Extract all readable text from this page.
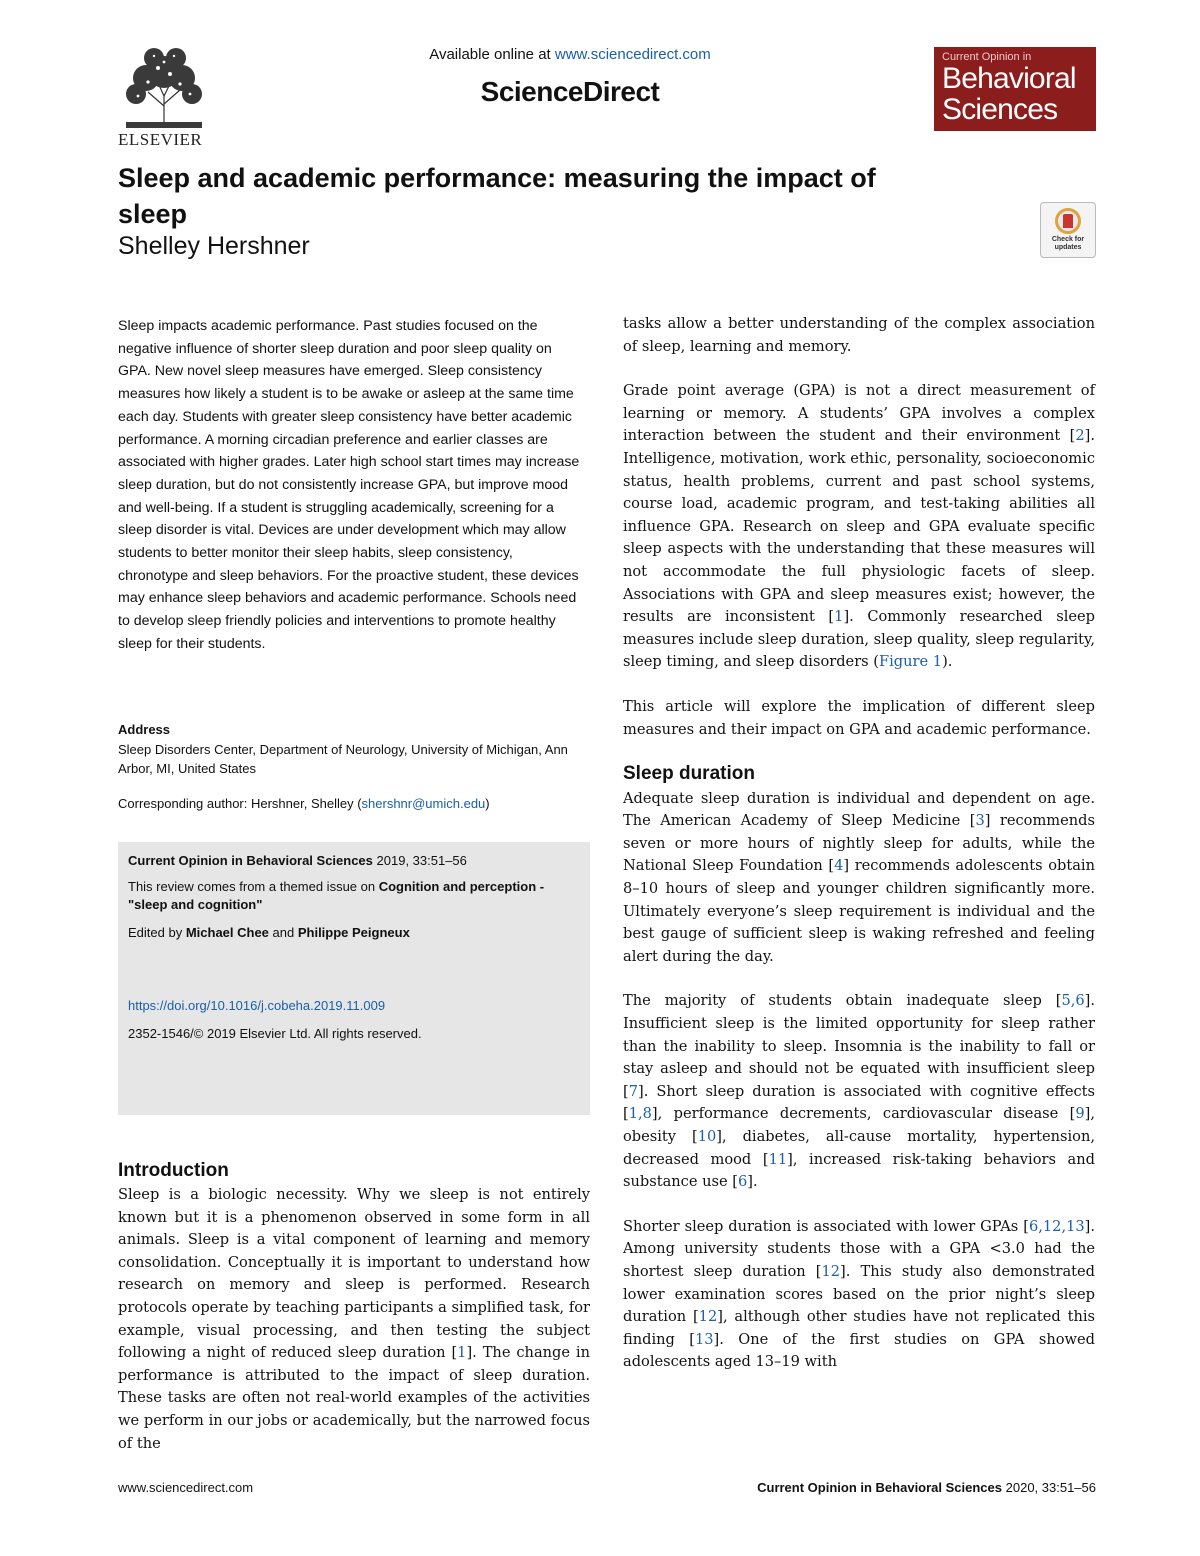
ELSEVIER
Available online at www.sciencedirect.com
ScienceDirect
Current Opinion in
Behavioral
Sciences
Sleep and academic performance: measuring the impact of sleep
Shelley Hershner	Check for updates
Sleep impacts academic performance. Past studies focused on the negative influence of shorter sleep duration and poor sleep quality on GPA. New novel sleep measures have emerged. Sleep consistency measures how likely a student is to be awake or asleep at the same time each day. Students with greater sleep consistency have better academic performance. A morning circadian preference and earlier classes are associated with higher grades. Later high school start times may increase sleep duration, but do not consistently increase GPA, but improve mood and well-being. If a student is struggling academically, screening for a sleep disorder is vital. Devices are under development which may allow students to better monitor their sleep habits, sleep consistency, chronotype and sleep behaviors. For the proactive student, these devices may enhance sleep behaviors and academic performance. Schools need to develop sleep friendly policies and interventions to promote healthy sleep for their students.
Address
Sleep Disorders Center, Department of Neurology, University of Michigan, Ann Arbor, MI, United States
Corresponding author: Hershner, Shelley (shershnr@umich.edu)
Current Opinion in Behavioral Sciences 2019, 33:51–56
This review comes from a themed issue on Cognition and perception - "sleep and cognition"
Edited by Michael Chee and Philippe Peigneux
https://doi.org/10.1016/j.cobeha.2019.11.009
2352-1546/© 2019 Elsevier Ltd. All rights reserved.
Introduction
Sleep is a biologic necessity. Why we sleep is not entirely known but it is a phenomenon observed in some form in all animals. Sleep is a vital component of learning and memory consolidation. Conceptually it is important to understand how research on memory and sleep is performed. Research protocols operate by teaching participants a simplified task, for example, visual processing, and then testing the subject following a night of reduced sleep duration [1]. The change in performance is attributed to the impact of sleep duration. These tasks are often not real-world examples of the activities we perform in our jobs or academically, but the narrowed focus of the

tasks allow a better understanding of the complex association of sleep, learning and memory.

Grade point average (GPA) is not a direct measurement of learning or memory. A students’ GPA involves a complex interaction between the student and their environment [2]. Intelligence, motivation, work ethic, personality, socioeconomic status, health problems, current and past school systems, course load, academic program, and test-taking abilities all influence GPA. Research on sleep and GPA evaluate specific sleep aspects with the understanding that these measures will not accommodate the full physiologic facets of sleep. Associations with GPA and sleep measures exist; however, the results are inconsistent [1]. Commonly researched sleep measures include sleep duration, sleep quality, sleep regularity, sleep timing, and sleep disorders (Figure 1).

This article will explore the implication of different sleep measures and their impact on GPA and academic performance.

Sleep duration

Adequate sleep duration is individual and dependent on age. The American Academy of Sleep Medicine [3] recommends seven or more hours of nightly sleep for adults, while the National Sleep Foundation [4] recommends adolescents obtain 8–10 hours of sleep and younger children significantly more. Ultimately everyone’s sleep requirement is individual and the best gauge of sufficient sleep is waking refreshed and feeling alert during the day.

The majority of students obtain inadequate sleep [5,6]. Insufficient sleep is the limited opportunity for sleep rather than the inability to sleep. Insomnia is the inability to fall or stay asleep and should not be equated with insufficient sleep [7]. Short sleep duration is associated with cognitive effects [1,8], performance decrements, cardiovascular disease [9], obesity [10], diabetes, all-cause mortality, hypertension, decreased mood [11], increased risk-taking behaviors and substance use [6].

Shorter sleep duration is associated with lower GPAs [6,12,13]. Among university students those with a GPA <3.0 had the shortest sleep duration [12]. This study also demonstrated lower examination scores based on the prior night’s sleep duration [12], although other studies have not replicated this finding [13]. One of the first studies on GPA showed adolescents aged 13–19 with

www.sciencedirect.com	Current Opinion in Behavioral Sciences 2020, 33:51–56
